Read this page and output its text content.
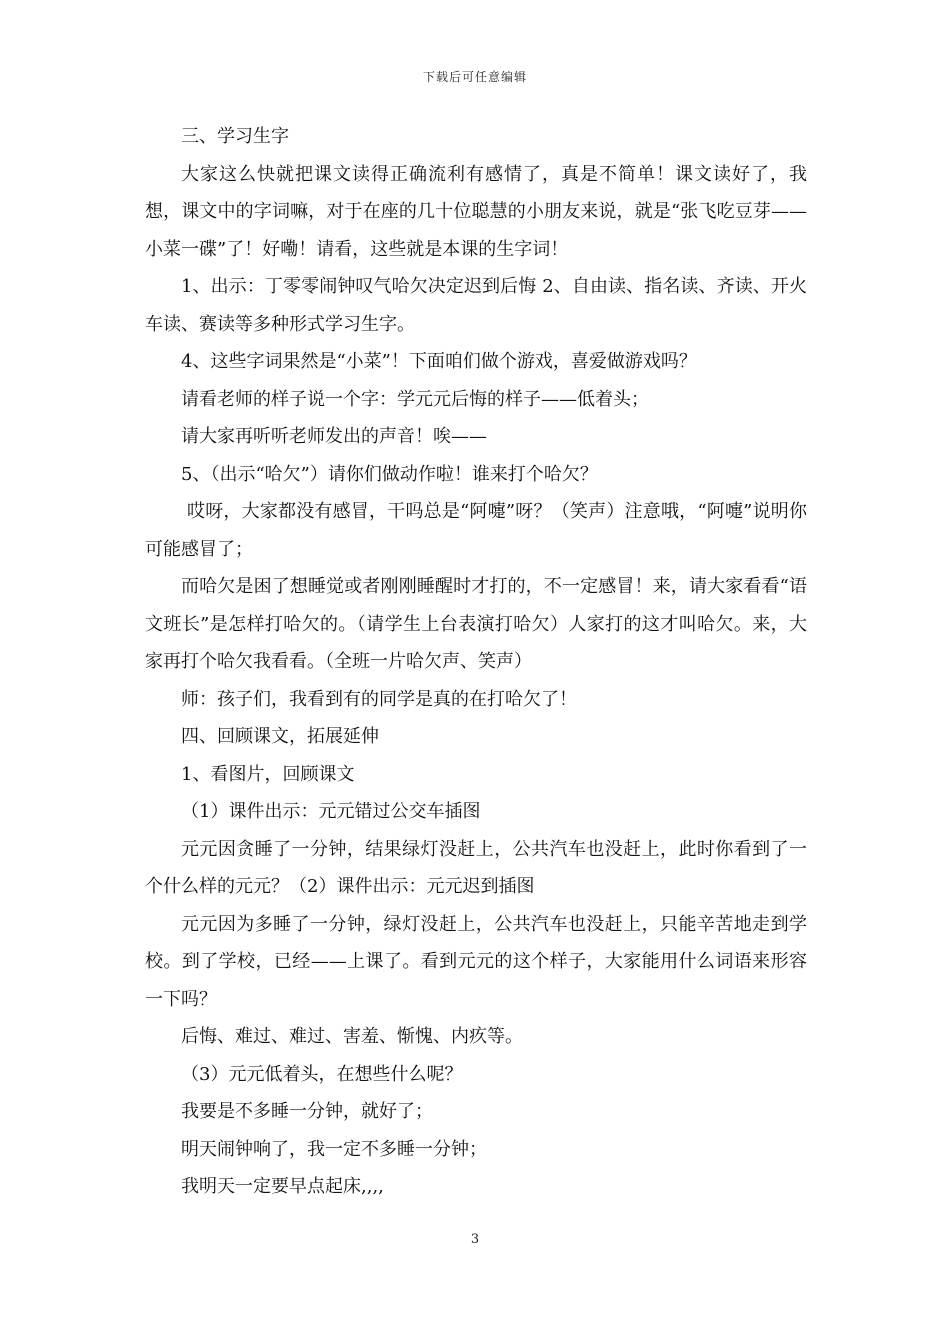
下载后可任意编辑

三、学习生字

大家这么快就把课文读得正确流利有感情了，真是不简单！课文读好了，我想，课文中的字词嘛，对于在座的几十位聪慧的小朋友来说，就是“张飞吃豆芽——小菜一碟”了！好嘞！请看，这些就是本课的生字词！

1、出示：丁零零闹钟叹气哈欠决定迟到后悔 2、自由读、指名读、齐读、开火车读、赛读等多种形式学习生字。

4、这些字词果然是“小菜”！下面咱们做个游戏，喜爱做游戏吗？

请看老师的样子说一个字：学元元后悔的样子——低着头；

请大家再听听老师发出的声音！唉——

5、（出示“哈欠”）请你们做动作啦！谁来打个哈欠？

哎呀，大家都没有感冒，干吗总是“阿嚏”呀？（笑声）注意哦，“阿嚏”说明你可能感冒了；

而哈欠是困了想睡觉或者刚刚睡醒时才打的，不一定感冒！来，请大家看看“语文班长”是怎样打哈欠的。（请学生上台表演打哈欠）人家打的这才叫哈欠。来，大家再打个哈欠我看看。（全班一片哈欠声、笑声）

师：孩子们，我看到有的同学是真的在打哈欠了！

四、回顾课文，拓展延伸

1、看图片，回顾课文

（1）课件出示：元元错过公交车插图

元元因贪睡了一分钟，结果绿灯没赶上，公共汽车也没赶上，此时你看到了一个什么样的元元？（2）课件出示：元元迟到插图

元元因为多睡了一分钟，绿灯没赶上，公共汽车也没赶上，只能辛苦地走到学校。到了学校，已经——上课了。看到元元的这个样子，大家能用什么词语来形容一下吗？

后悔、难过、难过、害羞、惭愧、内疚等。

（3）元元低着头，在想些什么呢？

我要是不多睡一分钟，就好了；

明天闹钟响了，我一定不多睡一分钟；

我明天一定要早点起床,,,,

3
